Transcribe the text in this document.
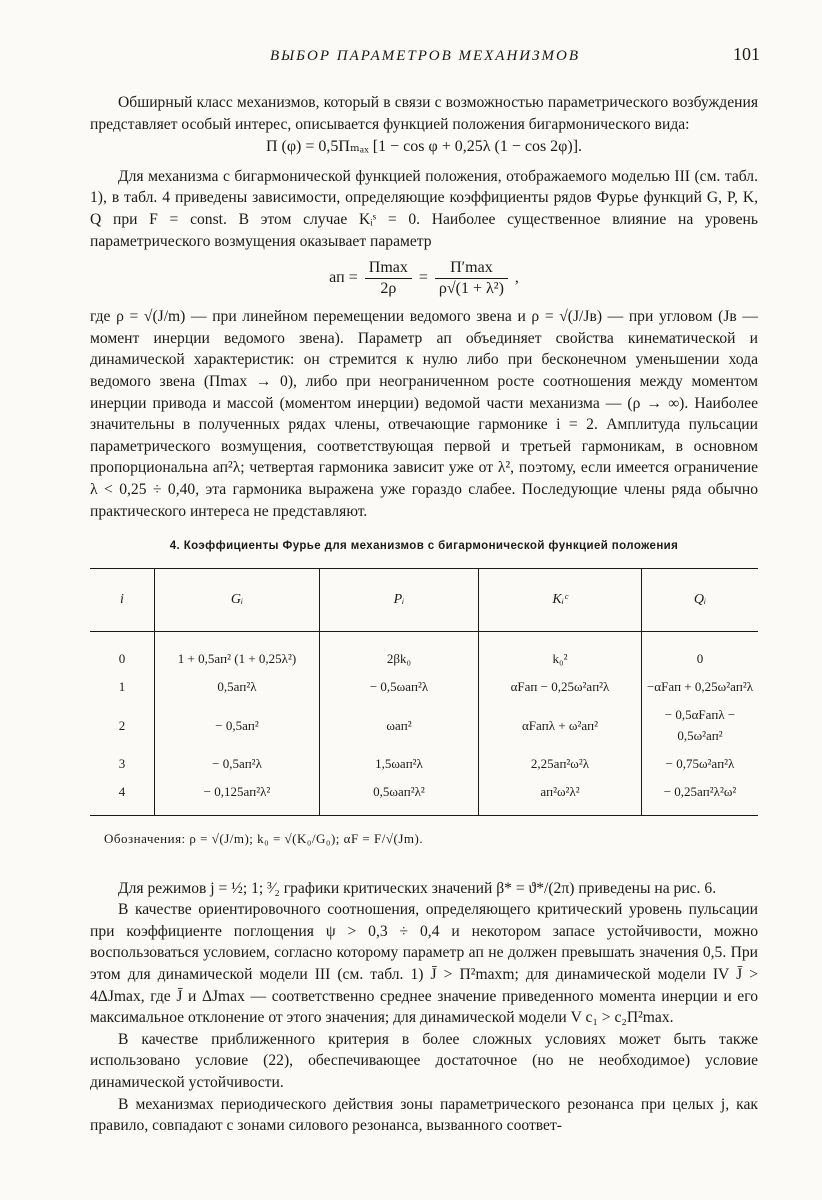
ВЫБОР ПАРАМЕТРОВ МЕХАНИЗМОВ	101

Обширный класс механизмов, который в связи с возможностью параметрического возбуждения представляет особый интерес, описывается функцией положения бигармонического вида:

Π (φ) = 0,5Πₘₐₓ [1 − cos φ + 0,25λ (1 − cos 2φ)].

Для механизма с бигармонической функцией положения, отображаемого моделью III (см. табл. 1), в табл. 4 приведены зависимости, определяющие коэффициенты рядов Фурье функций G, P, K, Q при F = const. В этом случае Kᵢˢ = 0. Наиболее существенное влияние на уровень параметрического возмущения оказывает параметр

aп = $\frac{\Pi\max}{2\rho} = \frac{\Pi'\max}{\text{ρ√(1 + λ²)}}$ ,

где ρ = √(J/m) — при линейном перемещении ведомого звена и ρ = √(J/Jв) — при угловом (Jв — момент инерции ведомого звена). Параметр aп объединяет свойства кинематической и динамической характеристик: он стремится к нулю либо при бесконечном уменьшении хода ведомого звена (Πmax → 0), либо при неограниченном росте соотношения между моментом инерции привода и массой (моментом инерции) ведомой части механизма — (ρ → ∞). Наиболее значительны в полученных рядах члены, отвечающие гармонике i = 2. Амплитуда пульсации параметрического возмущения, соответствующая первой и третьей гармоникам, в основном пропорциональна aп²λ; четвертая гармоника зависит уже от λ², поэтому, если имеется ограничение λ < 0,25 ÷ 0,40, эта гармоника выражена уже гораздо слабее. Последующие члены ряда обычно практического интереса не представляют.

4. Коэффициенты Фурье для механизмов с бигармонической функцией положения
i	Gᵢ	Pᵢ	Kᵢᶜ	Qᵢ
0	1 + 0,5aп² (1 + 0,25λ²)	2βk₀	k₀²	0
1	0,5aп²λ	− 0,5ωaп²λ	αFaп − 0,25ω²aп²λ	−αFaп + 0,25ω²aп²λ
2	− 0,5aп²	ωaп²	αFaпλ + ω²aп²	− 0,5αFaпλ − 0,5ω²aп²
3	− 0,5aп²λ	1,5ωaп²λ	2,25aп²ω²λ	− 0,75ω²aп²λ
4	− 0,125aп²λ²	0,5ωaп²λ²	aп²ω²λ²	− 0,25aп²λ²ω²
Обозначения: ρ = √(J/m); k₀ = √(K₀/G₀); αF = F/√(Jm).

Для режимов j = ½; 1; ³⁄₂ графики критических значений β* = ϑ*/(2π) приведены на рис. 6.

В качестве ориентировочного соотношения, определяющего критический уровень пульсации при коэффициенте поглощения ψ > 0,3 ÷ 0,4 и некотором запасе устойчивости, можно воспользоваться условием, согласно которому параметр aп не должен превышать значения 0,5. При этом для динамической модели III (см. табл. 1) J̄ > Π²maxm; для динамической модели IV J̄ > 4ΔJmax, где J̄ и ΔJmax — соответственно среднее значение приведенного момента инерции и его максимальное отклонение от этого значения; для динамической модели V c₁ > c₂Π²max.

В качестве приближенного критерия в более сложных условиях может быть также использовано условие (22), обеспечивающее достаточное (но не необходимое) условие динамической устойчивости.

В механизмах периодического действия зоны параметрического резонанса при целых j, как правило, совпадают с зонами силового резонанса, вызванного соответ-
